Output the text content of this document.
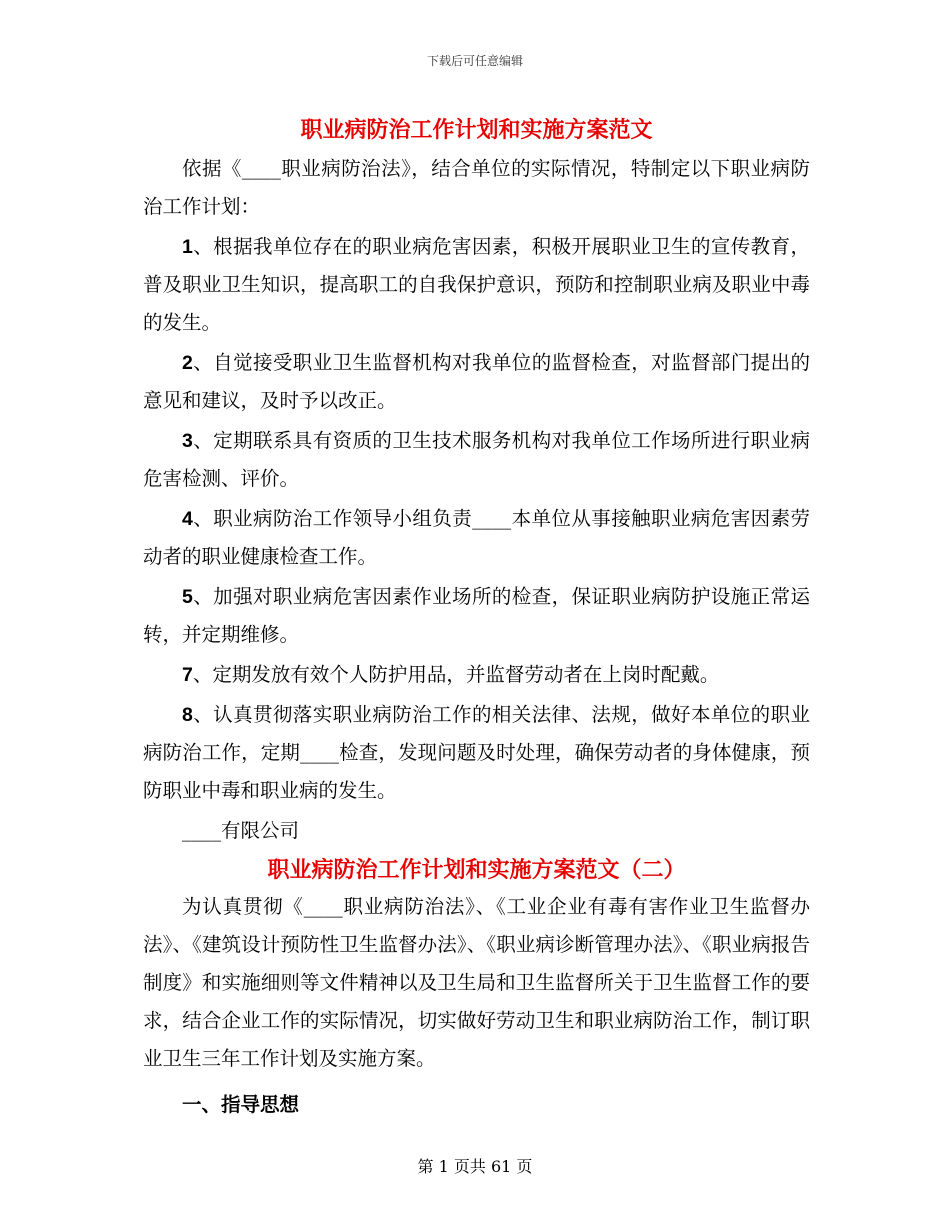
下载后可任意编辑
职业病防治工作计划和实施方案范文

依据《____职业病防治法》，结合单位的实际情况，特制定以下职业病防治工作计划：

1、根据我单位存在的职业病危害因素，积极开展职业卫生的宣传教育，普及职业卫生知识，提高职工的自我保护意识，预防和控制职业病及职业中毒的发生。

2、自觉接受职业卫生监督机构对我单位的监督检查，对监督部门提出的意见和建议，及时予以改正。

3、定期联系具有资质的卫生技术服务机构对我单位工作场所进行职业病危害检测、评价。

4、职业病防治工作领导小组负责____本单位从事接触职业病危害因素劳动者的职业健康检查工作。

5、加强对职业病危害因素作业场所的检查，保证职业病防护设施正常运转，并定期维修。

7、定期发放有效个人防护用品，并监督劳动者在上岗时配戴。

8、认真贯彻落实职业病防治工作的相关法律、法规，做好本单位的职业病防治工作，定期____检查，发现问题及时处理，确保劳动者的身体健康，预防职业中毒和职业病的发生。

____有限公司

职业病防治工作计划和实施方案范文（二）

为认真贯彻《____职业病防治法》、《工业企业有毒有害作业卫生监督办法》、《建筑设计预防性卫生监督办法》、《职业病诊断管理办法》、《职业病报告制度》和实施细则等文件精神以及卫生局和卫生监督所关于卫生监督工作的要求，结合企业工作的实际情况，切实做好劳动卫生和职业病防治工作，制订职业卫生三年工作计划及实施方案。

一、指导思想

第 1 页共 61 页
